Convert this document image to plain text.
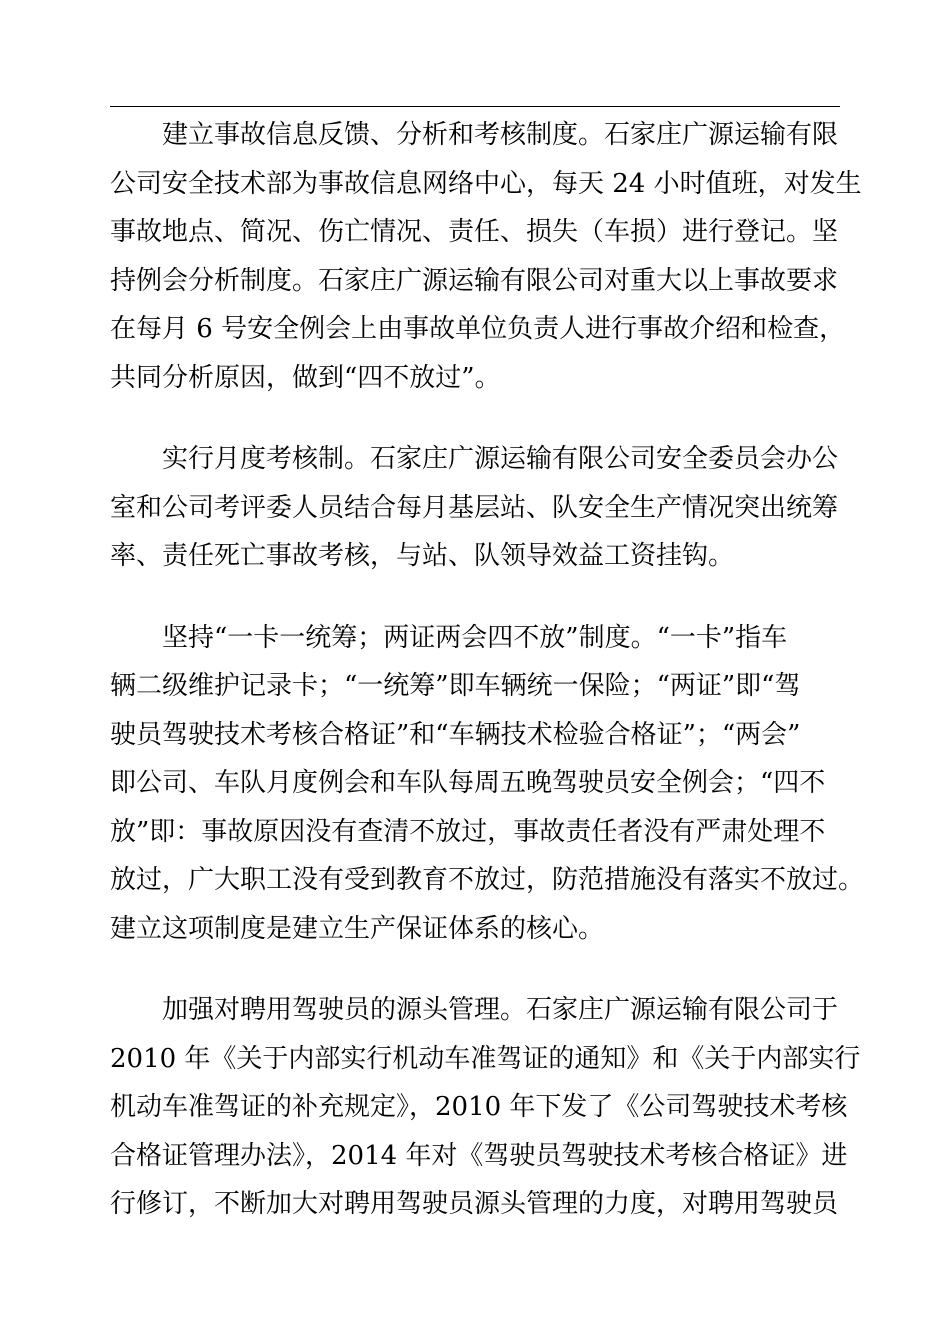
建立事故信息反馈、分析和考核制度。石家庄广源运输有限
公司安全技术部为事故信息网络中心，每天 24 小时值班，对发生
事故地点、简况、伤亡情况、责任、损失（车损）进行登记。坚
持例会分析制度。石家庄广源运输有限公司对重大以上事故要求
在每月 6 号安全例会上由事故单位负责人进行事故介绍和检查，
共同分析原因，做到“四不放过”。

实行月度考核制。石家庄广源运输有限公司安全委员会办公
室和公司考评委人员结合每月基层站、队安全生产情况突出统筹
率、责任死亡事故考核，与站、队领导效益工资挂钩。

坚持“一卡一统筹；两证两会四不放”制度。“一卡”指车
辆二级维护记录卡；“一统筹”即车辆统一保险；“两证”即“驾
驶员驾驶技术考核合格证”和“车辆技术检验合格证”；“两会”
即公司、车队月度例会和车队每周五晚驾驶员安全例会；“四不
放”即：事故原因没有查清不放过，事故责任者没有严肃处理不
放过，广大职工没有受到教育不放过，防范措施没有落实不放过。
建立这项制度是建立生产保证体系的核心。

加强对聘用驾驶员的源头管理。石家庄广源运输有限公司于
2010 年《关于内部实行机动车准驾证的通知》和《关于内部实行
机动车准驾证的补充规定》，2010 年下发了《公司驾驶技术考核
合格证管理办法》，2014 年对《驾驶员驾驶技术考核合格证》进
行修订，不断加大对聘用驾驶员源头管理的力度，对聘用驾驶员
